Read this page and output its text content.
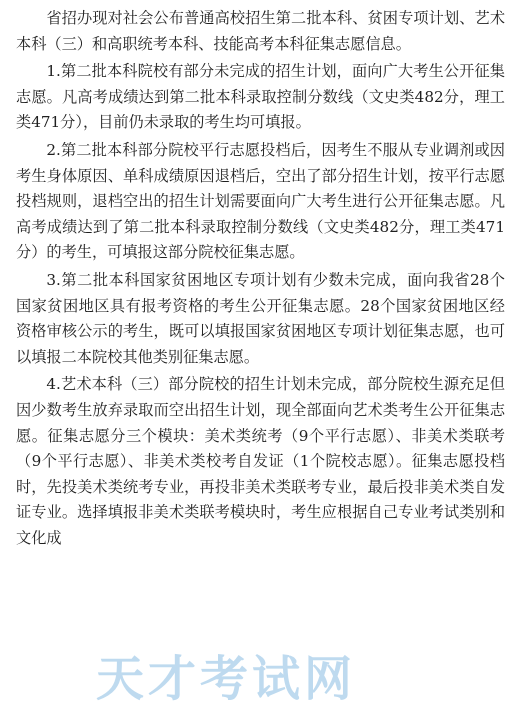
省招办现对社会公布普通高校招生第二批本科、贫困专项计划、艺术本科（三）和高职统考本科、技能高考本科征集志愿信息。

1.第二批本科院校有部分未完成的招生计划，面向广大考生公开征集志愿。凡高考成绩达到第二批本科录取控制分数线（文史类482分，理工类471分），目前仍未录取的考生均可填报。

2.第二批本科部分院校平行志愿投档后，因考生不服从专业调剂或因考生身体原因、单科成绩原因退档后，空出了部分招生计划，按平行志愿投档规则，退档空出的招生计划需要面向广大考生进行公开征集志愿。凡高考成绩达到了第二批本科录取控制分数线（文史类482分，理工类471分）的考生，可填报这部分院校征集志愿。

3.第二批本科国家贫困地区专项计划有少数未完成，面向我省28个国家贫困地区具有报考资格的考生公开征集志愿。28个国家贫困地区经资格审核公示的考生，既可以填报国家贫困地区专项计划征集志愿，也可以填报二本院校其他类别征集志愿。

4.艺术本科（三）部分院校的招生计划未完成，部分院校生源充足但因少数考生放弃录取而空出招生计划，现全部面向艺术类考生公开征集志愿。征集志愿分三个模块：美术类统考（9个平行志愿）、非美术类联考（9个平行志愿）、非美术类校考自发证（1个院校志愿）。征集志愿投档时，先投美术类统考专业，再投非美术类联考专业，最后投非美术类自发证专业。选择填报非美术类联考模块时，考生应根据自己专业考试类别和文化成

天才考试网
